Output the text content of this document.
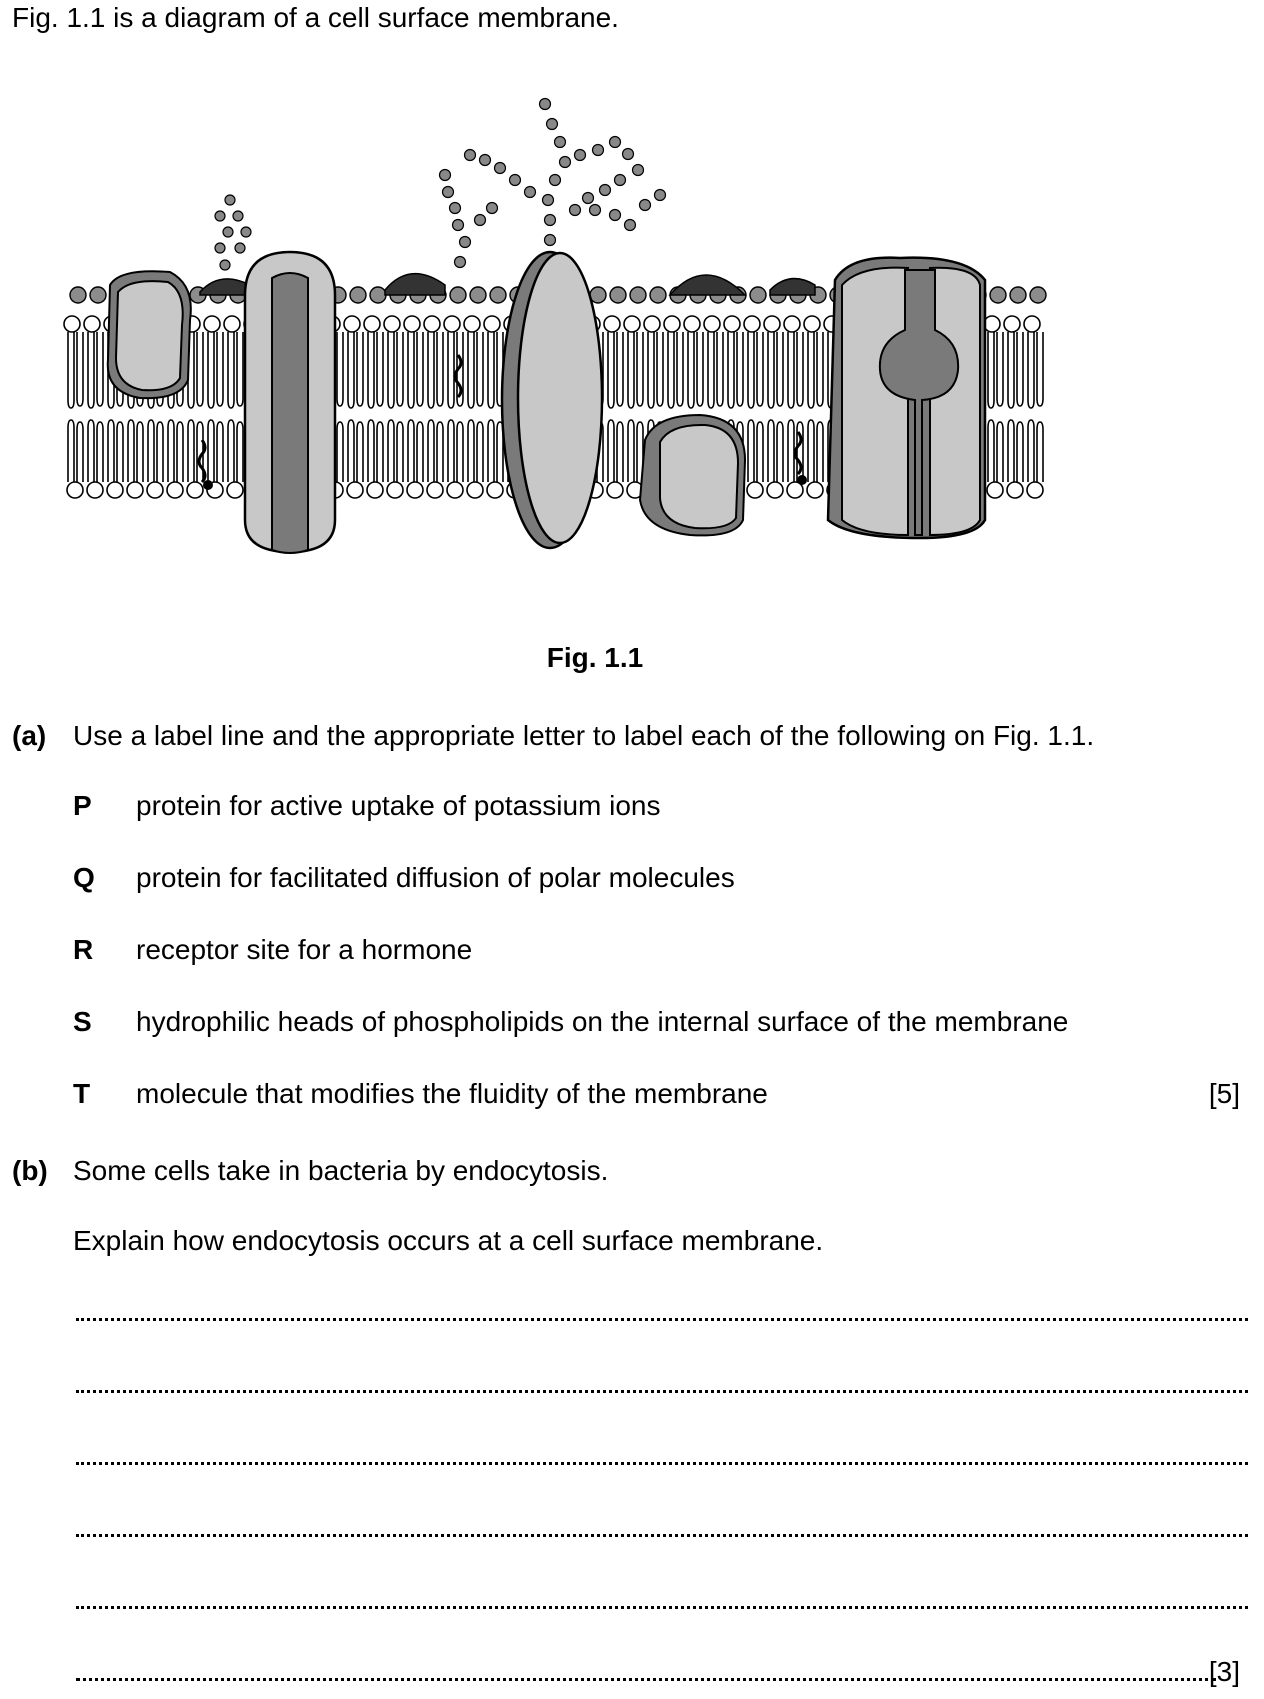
Fig. 1.1 is a diagram of a cell surface membrane.
Fig. 1.1
(a) Use a label line and the appropriate letter to label each of the following on Fig. 1.1.
P protein for active uptake of potassium ions
Q protein for facilitated diffusion of polar molecules
R receptor site for a hormone
S hydrophilic heads of phospholipids on the internal surface of the membrane
T molecule that modifies the fluidity of the membrane	[5]
(b) Some cells take in bacteria by endocytosis.
Explain how endocytosis occurs at a cell surface membrane.
[3]
